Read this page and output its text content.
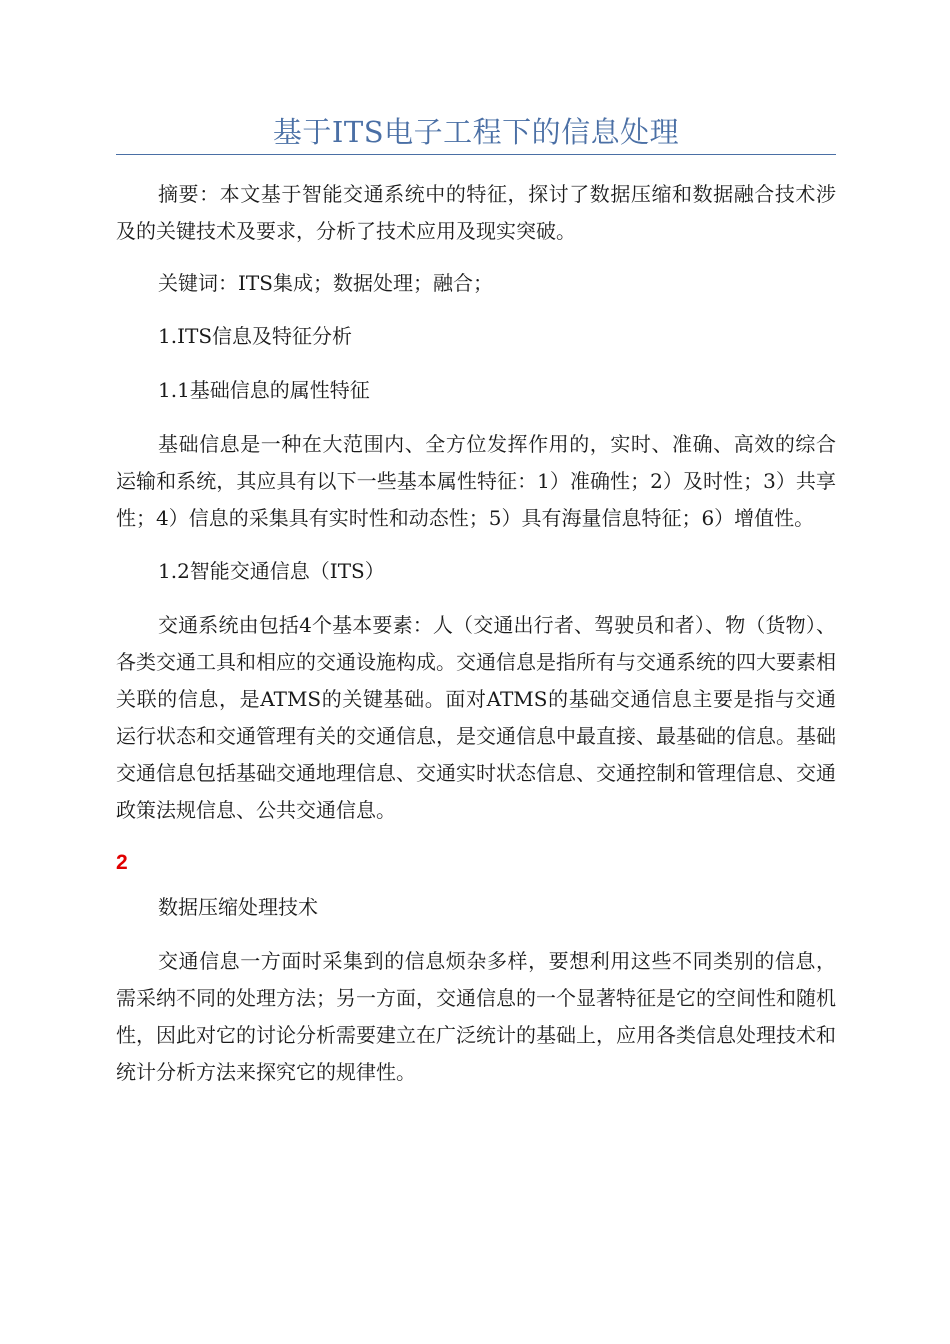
基于ITS电子工程下的信息处理

摘要：本文基于智能交通系统中的特征，探讨了数据压缩和数据融合技术涉及的关键技术及要求，分析了技术应用及现实突破。

关键词：ITS集成；数据处理；融合；

1.ITS信息及特征分析

1.1基础信息的属性特征

基础信息是一种在大范围内、全方位发挥作用的，实时、准确、高效的综合运输和系统，其应具有以下一些基本属性特征：1）准确性；2）及时性；3）共享性；4）信息的采集具有实时性和动态性；5）具有海量信息特征；6）增值性。

1.2智能交通信息（ITS）

交通系统由包括4个基本要素：人（交通出行者、驾驶员和者）、物（货物）、各类交通工具和相应的交通设施构成。交通信息是指所有与交通系统的四大要素相关联的信息，是ATMS的关键基础。面对ATMS的基础交通信息主要是指与交通运行状态和交通管理有关的交通信息，是交通信息中最直接、最基础的信息。基础交通信息包括基础交通地理信息、交通实时状态信息、交通控制和管理信息、交通政策法规信息、公共交通信息。

2

数据压缩处理技术

交通信息一方面时采集到的信息烦杂多样，要想利用这些不同类别的信息，需采纳不同的处理方法；另一方面，交通信息的一个显著特征是它的空间性和随机性，因此对它的讨论分析需要建立在广泛统计的基础上，应用各类信息处理技术和统计分析方法来探究它的规律性。
